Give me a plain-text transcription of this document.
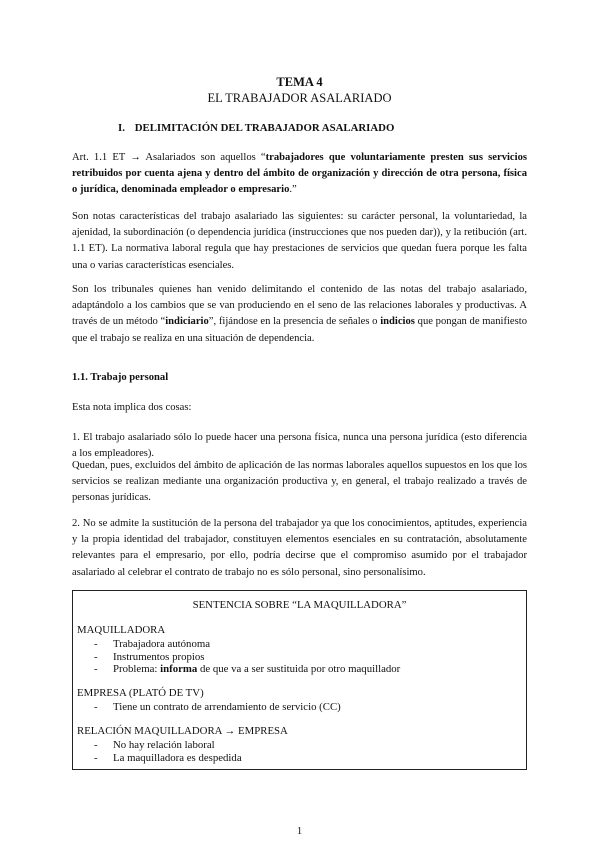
TEMA 4
EL TRABAJADOR ASALARIADO
I. DELIMITACIÓN DEL TRABAJADOR ASALARIADO

Art. 1.1 ET → Asalariados son aquellos “trabajadores que voluntariamente presten sus servicios retribuidos por cuenta ajena y dentro del ámbito de organización y dirección de otra persona, física o jurídica, denominada empleador o empresario.”

Son notas características del trabajo asalariado las siguientes: su carácter personal, la voluntariedad, la ajenidad, la subordinación (o dependencia jurídica (instrucciones que nos pueden dar)), y la retibución (art. 1.1 ET). La normativa laboral regula que hay prestaciones de servicios que quedan fuera porque les falta una o varias características esenciales.

Son los tribunales quienes han venido delimitando el contenido de las notas del trabajo asalariado, adaptándolo a los cambios que se van produciendo en el seno de las relaciones laborales y productivas. A través de un método “indiciario”, fijándose en la presencia de señales o indicios que pongan de manifiesto que el trabajo se realiza en una situación de dependencia.

1.1. Trabajo personal

Esta nota implica dos cosas:

1. El trabajo asalariado sólo lo puede hacer una persona física, nunca una persona jurídica (esto diferencia a los empleadores).

Quedan, pues, excluidos del ámbito de aplicación de las normas laborales aquellos supuestos en los que los servicios se realizan mediante una organización productiva y, en general, el trabajo realizado a través de personas jurídicas.

2. No se admite la sustitución de la persona del trabajador ya que los conocimientos, aptitudes, experiencia y la propia identidad del trabajador, constituyen elementos esenciales en su contratación, absolutamente relevantes para el empresario, por ello, podría decirse que el compromiso asumido por el trabajador asalariado al celebrar el contrato de trabajo no es sólo personal, sino personalísimo.

SENTENCIA SOBRE “LA MAQUILLADORA”
MAQUILLADORA
- Trabajadora autónoma
- Instrumentos propios
- Problema: informa de que va a ser sustituida por otro maquillador
EMPRESA (PLATÓ DE TV)
- Tiene un contrato de arrendamiento de servicio (CC)
RELACIÓN MAQUILLADORA → EMPRESA
- No hay relación laboral
- La maquilladora es despedida
1
